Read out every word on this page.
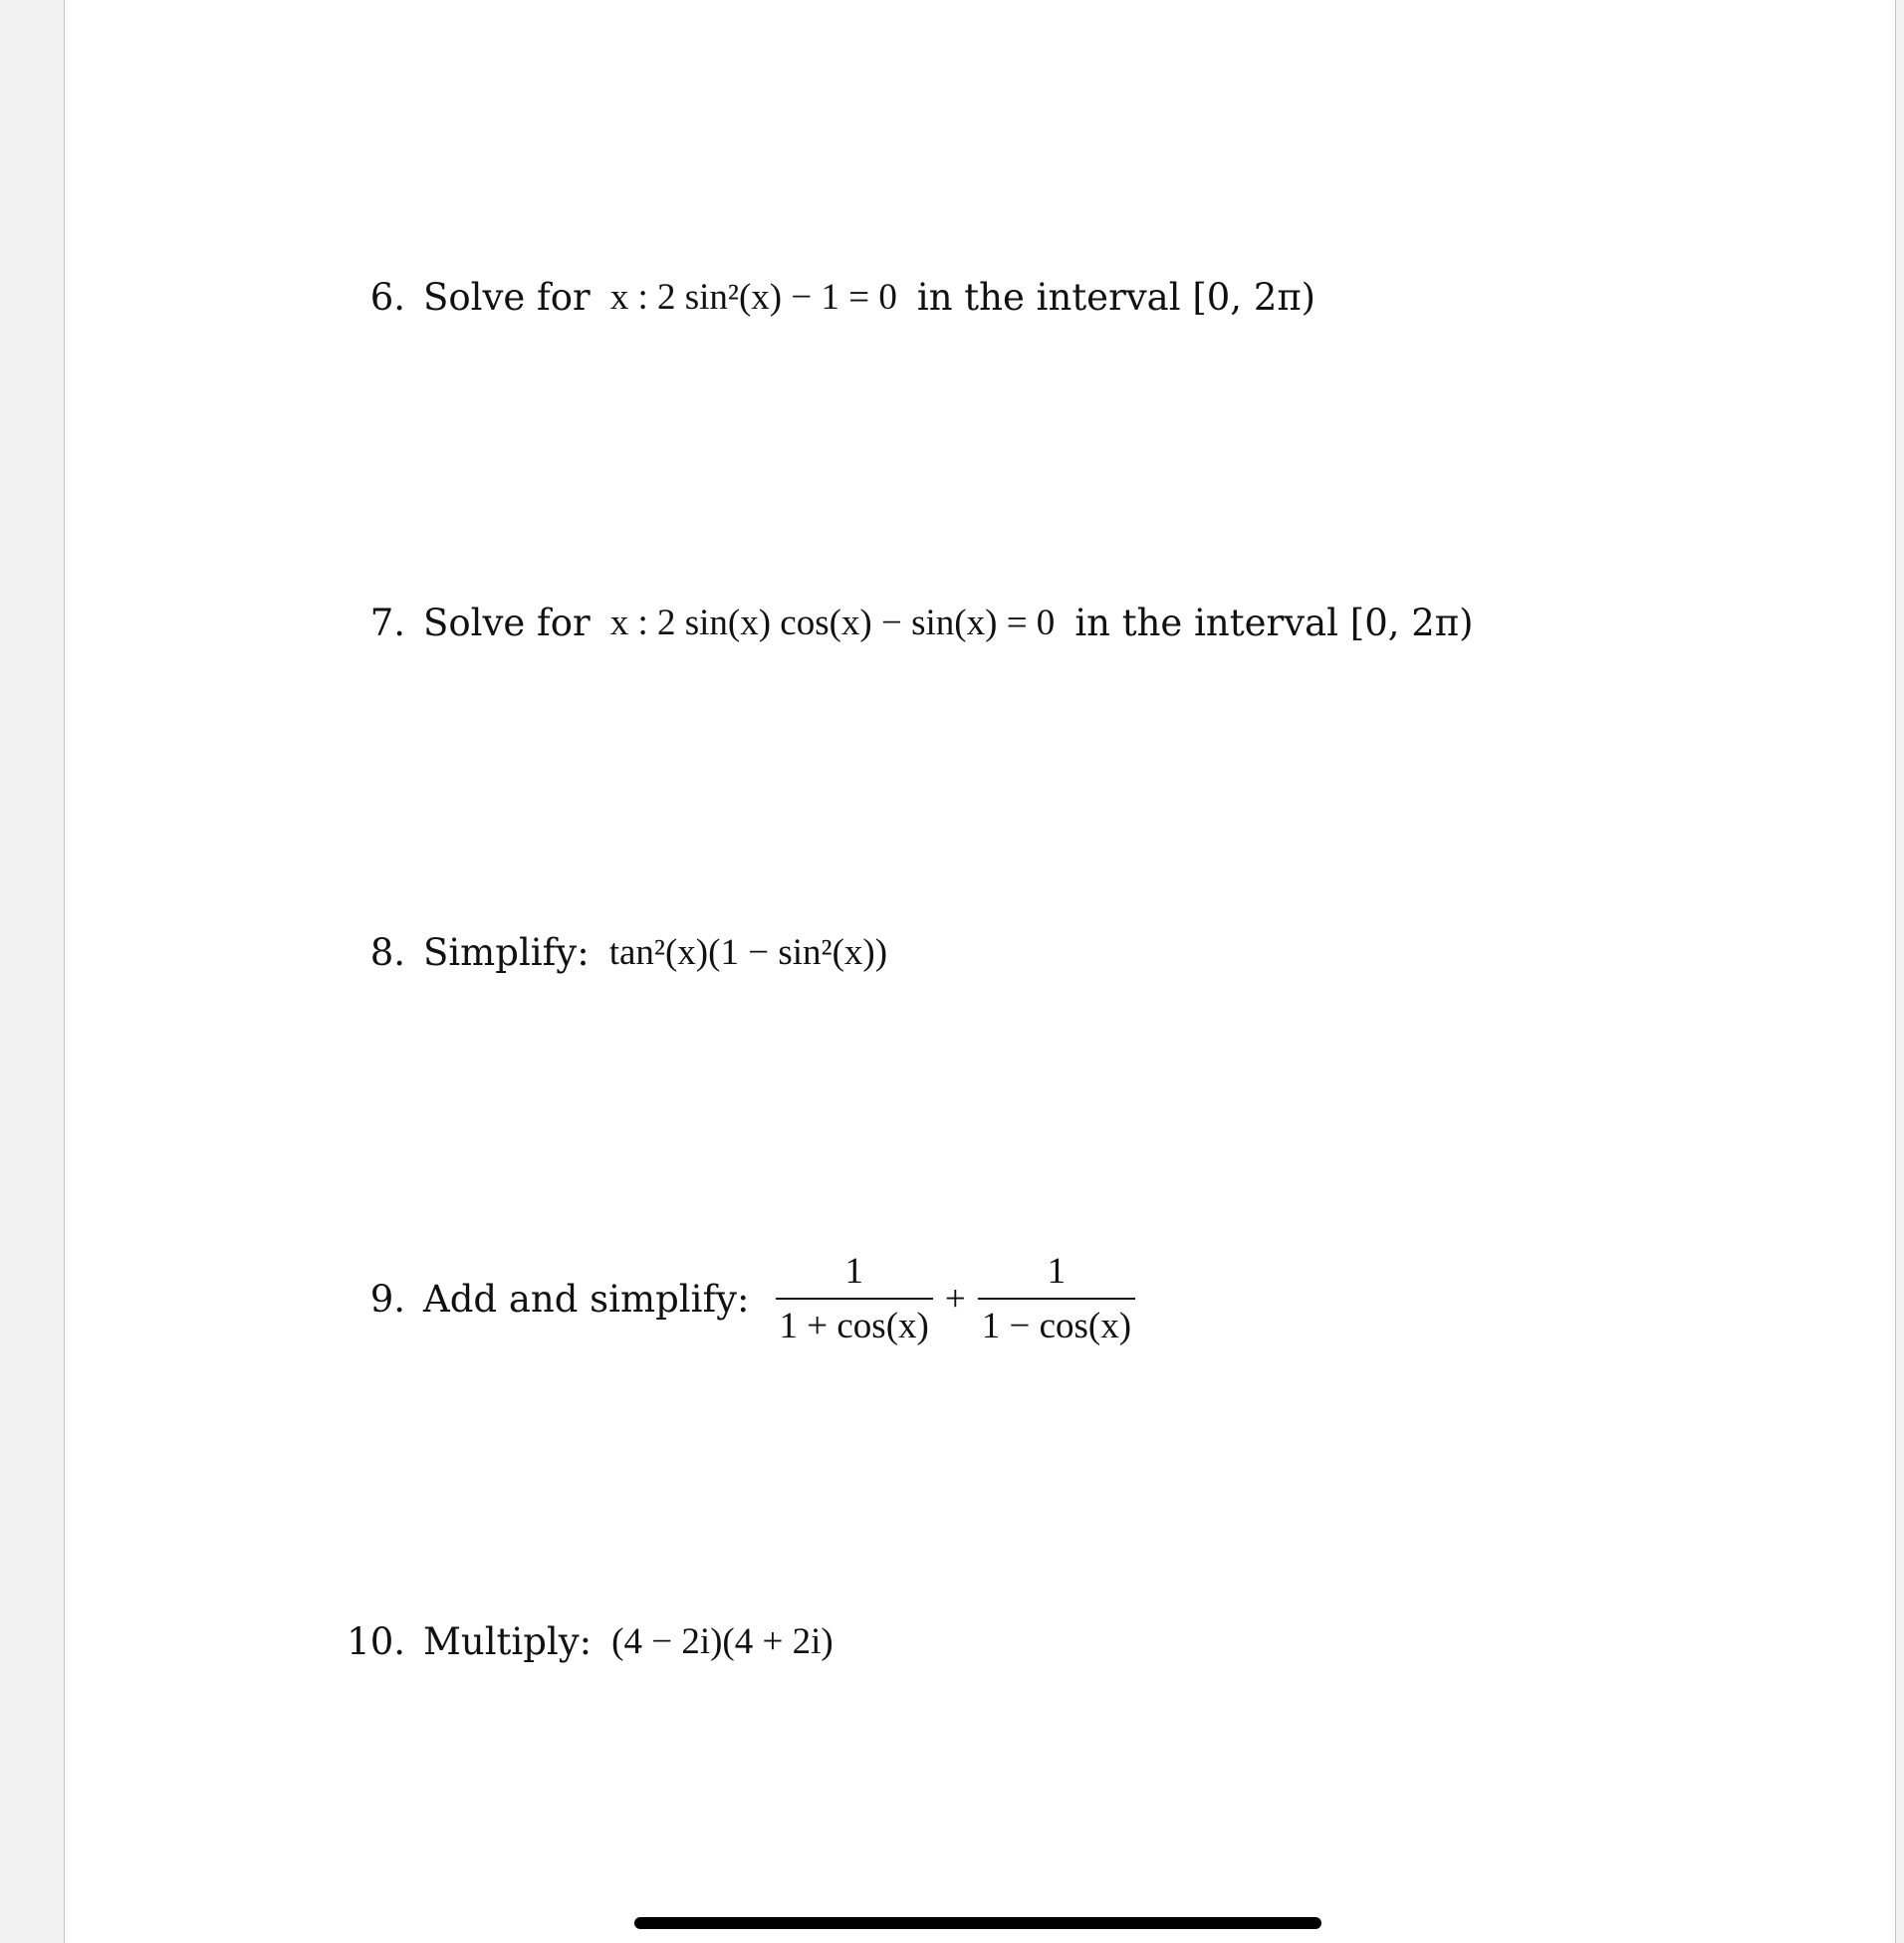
6. Solve for x : 2 sin²(x) − 1 = 0 in the interval [0, 2π)
7. Solve for x : 2 sin(x) cos(x) − sin(x) = 0 in the interval [0, 2π)
8. Simplify: tan²(x)(1 − sin²(x))
9. Add and simplify: $\frac{1}{1 + \cos(x)} + \frac{1}{1 - \cos(x)}$
10. Multiply: (4 − 2i)(4 + 2i)
